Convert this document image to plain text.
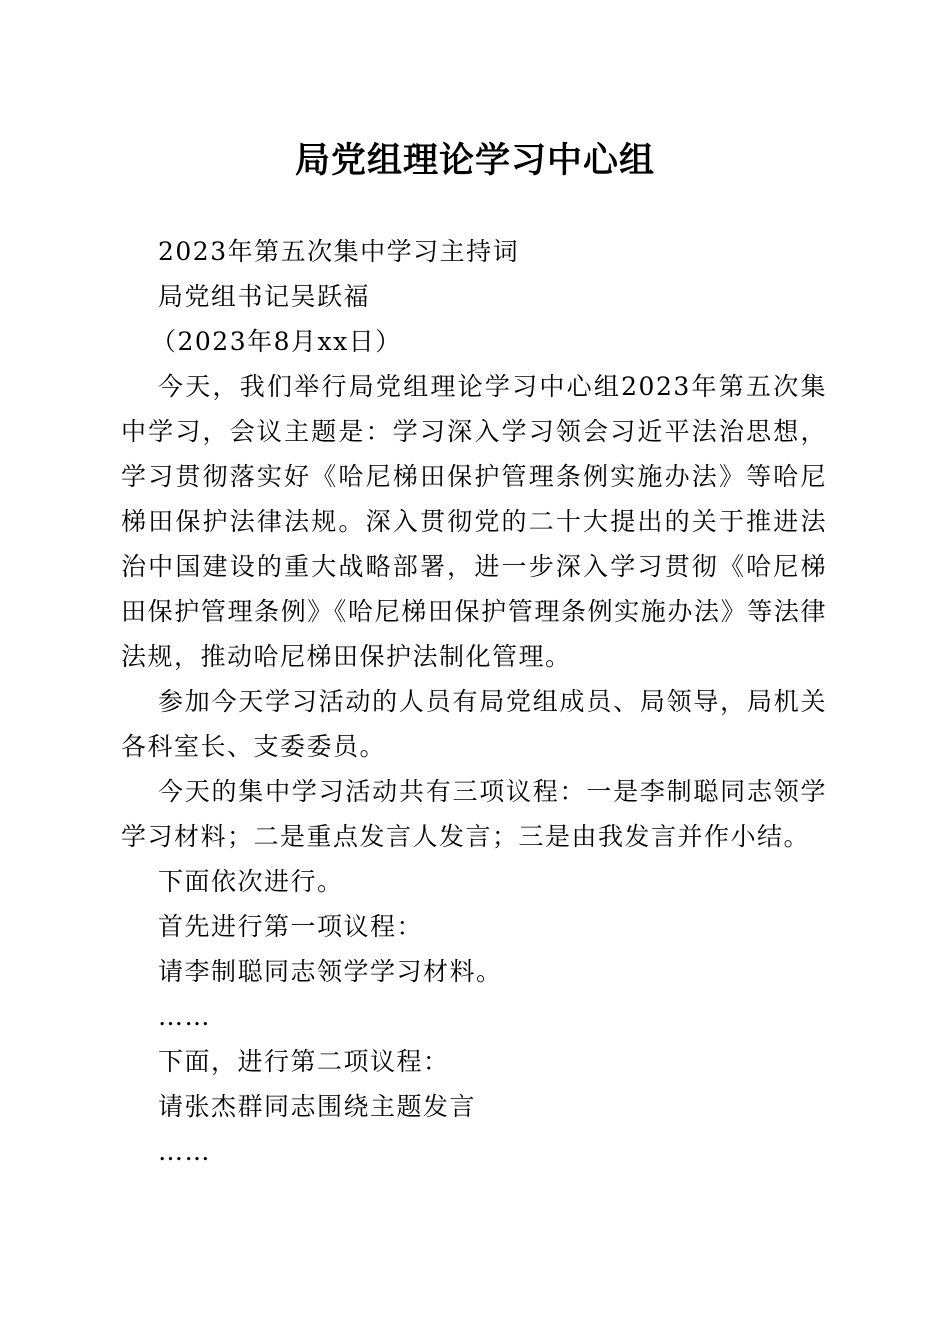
局党组理论学习中心组

2023年第五次集中学习主持词

局党组书记吴跃福

（2023年8月xx日）

今天，我们举行局党组理论学习中心组2023年第五次集中学习，会议主题是：学习深入学习领会习近平法治思想，学习贯彻落实好《哈尼梯田保护管理条例实施办法》等哈尼梯田保护法律法规。深入贯彻党的二十大提出的关于推进法治中国建设的重大战略部署，进一步深入学习贯彻《哈尼梯田保护管理条例》《哈尼梯田保护管理条例实施办法》等法律法规，推动哈尼梯田保护法制化管理。

参加今天学习活动的人员有局党组成员、局领导，局机关各科室长、支委委员。

今天的集中学习活动共有三项议程：一是李制聪同志领学学习材料；二是重点发言人发言；三是由我发言并作小结。

下面依次进行。

首先进行第一项议程：

请李制聪同志领学学习材料。

……

下面，进行第二项议程：

请张杰群同志围绕主题发言

……
